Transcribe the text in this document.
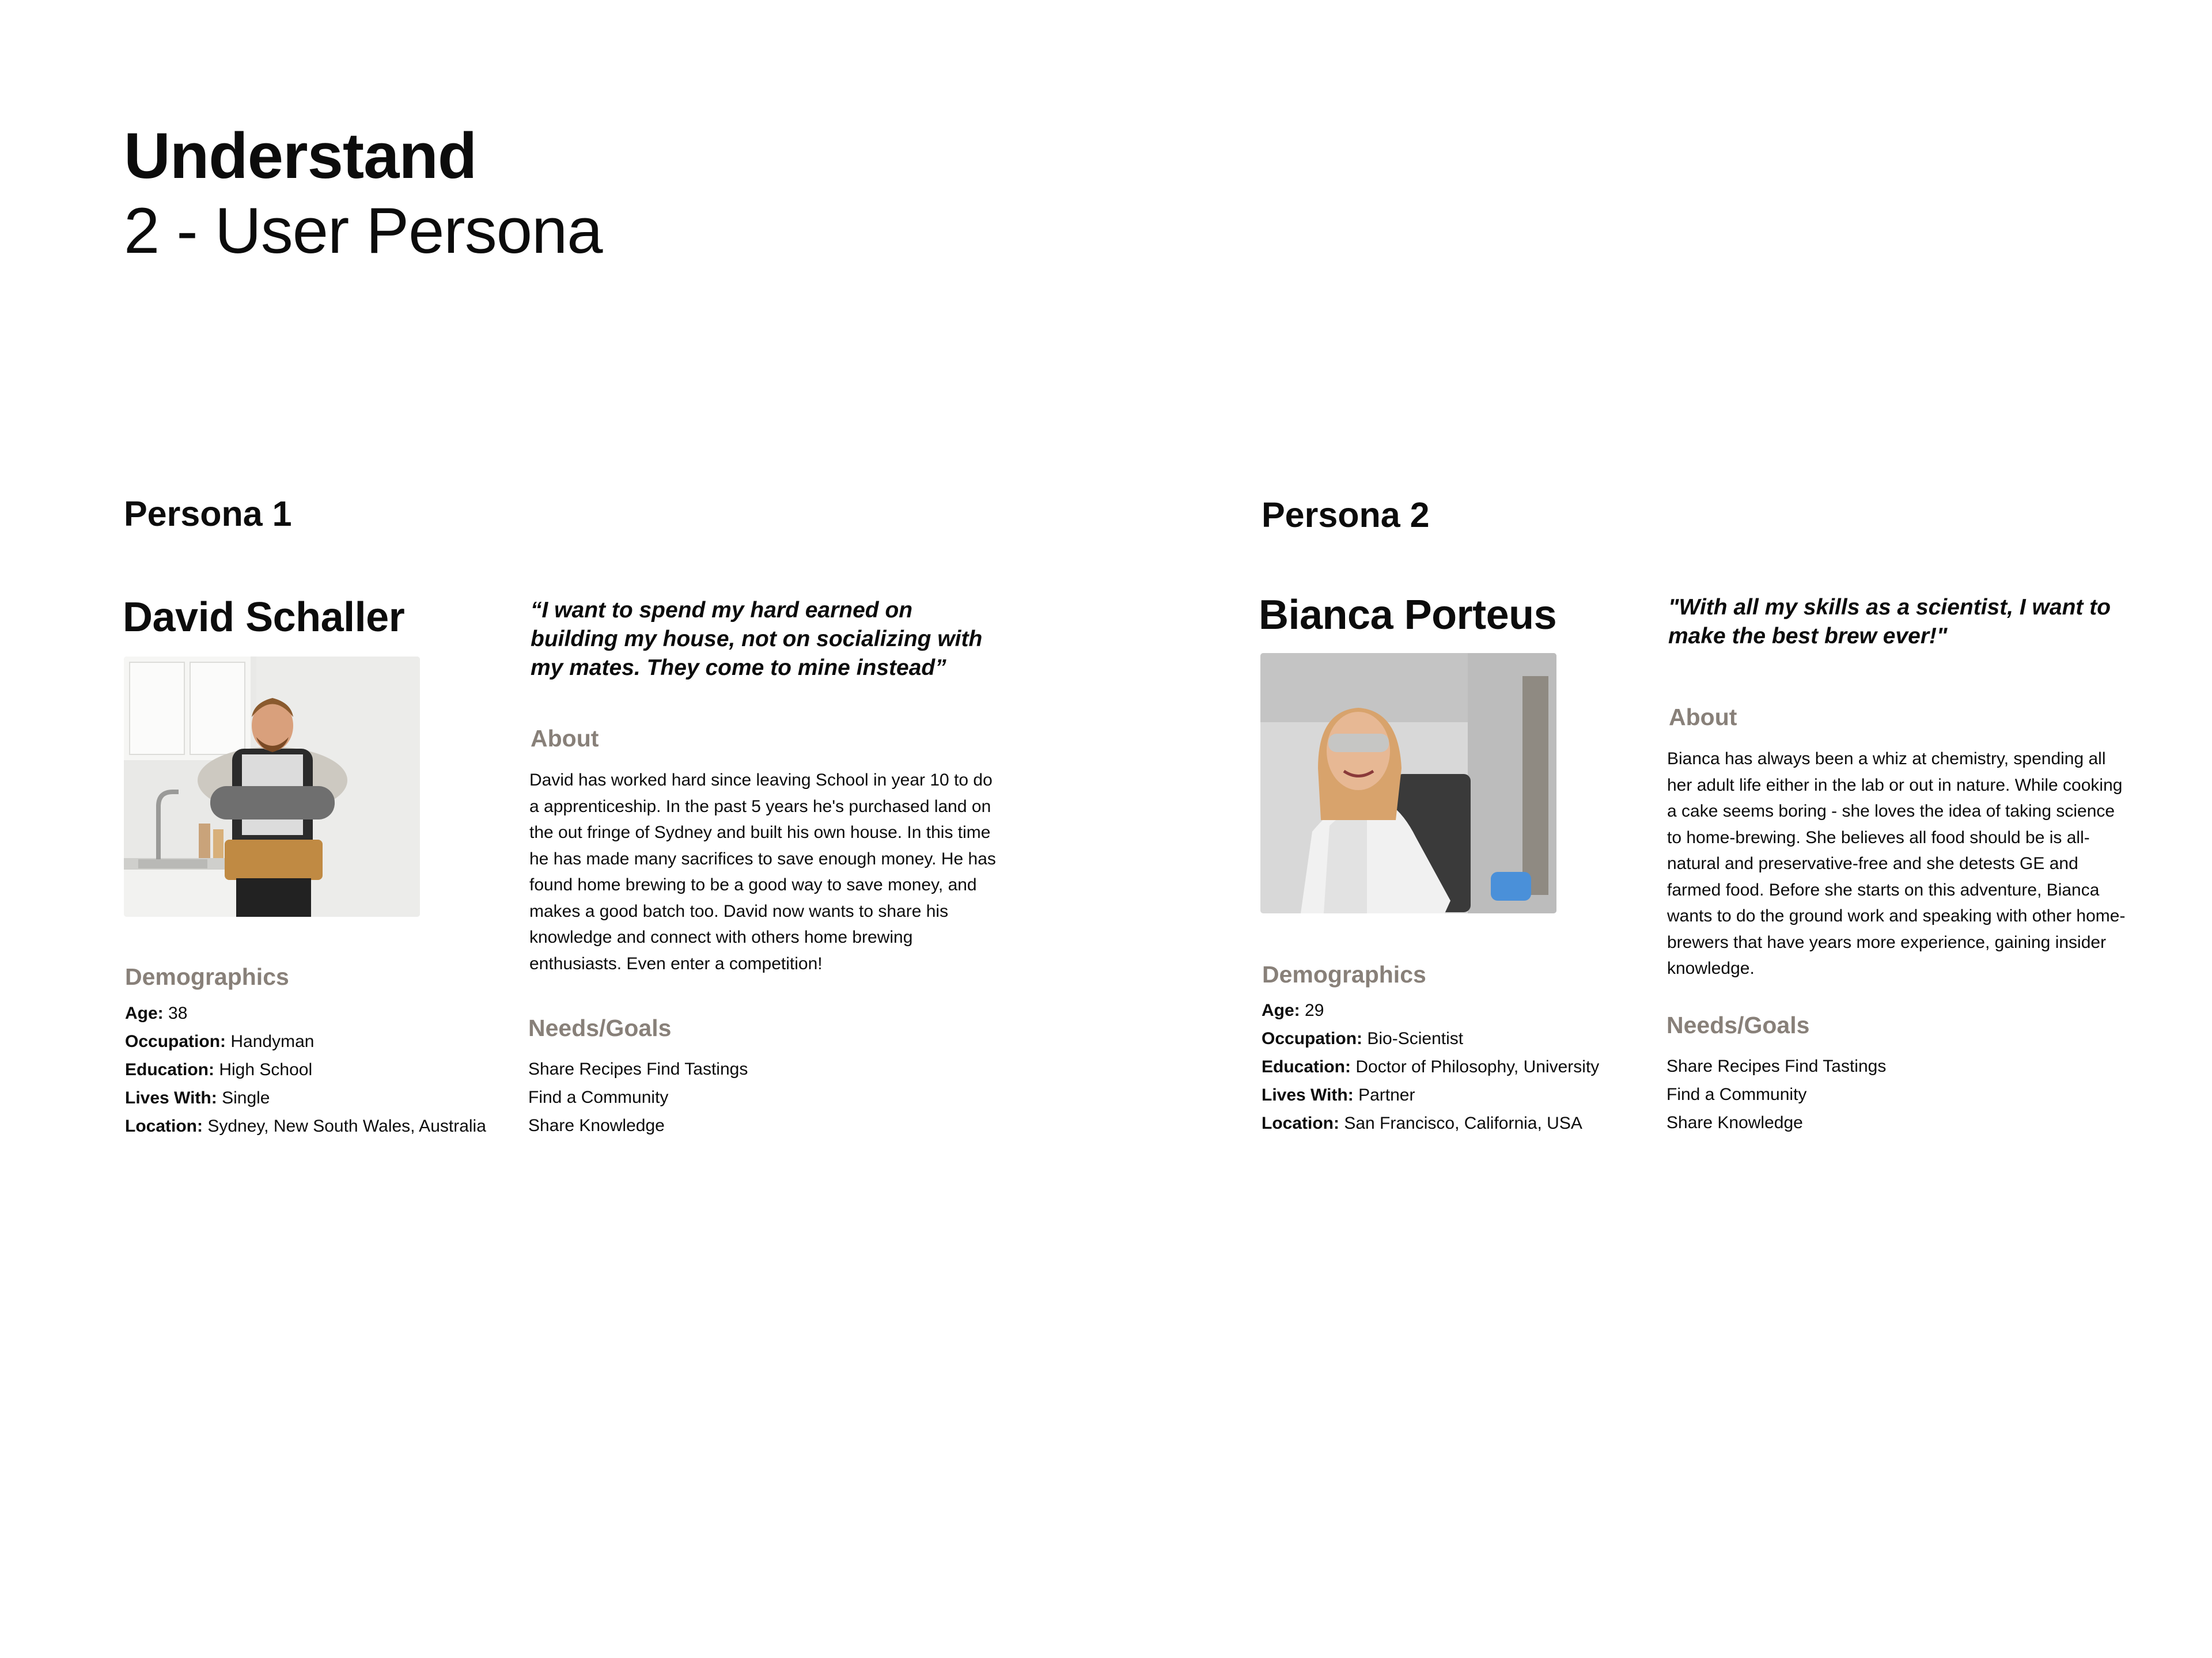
Understand
2 - User Persona
Persona 1
David Schaller
Demographics
Age: 38
Occupation: Handyman
Education: High School
Lives With: Single
Location: Sydney, New South Wales, Australia
“I want to spend my hard earned on building my house, not on socializing with my mates. They come to mine instead”
About
David has worked hard since leaving School in year 10 to do a apprenticeship. In the past 5 years he's purchased land on the out fringe of Sydney and built his own house. In this time he has made many sacrifices to save enough money. He has found home brewing to be a good way to save money, and makes a good batch too. David now wants to share his knowledge and connect with others home brewing enthusiasts. Even enter a competition!
Needs/Goals
Share Recipes Find Tastings
Find a Community
Share Knowledge
Persona 2
Bianca Porteus
Demographics
Age: 29
Occupation: Bio-Scientist
Education: Doctor of Philosophy, University
Lives With: Partner
Location: San Francisco, California, USA
"With all my skills as a scientist, I want to make the best brew ever!"
About
Bianca has always been a whiz at chemistry, spending all her adult life either in the lab or out in nature. While cooking a cake seems boring - she loves the idea of taking science to home-brewing. She believes all food should be is all-natural and preservative-free and she detests GE and farmed food. Before she starts on this adventure, Bianca wants to do the ground work and speaking with other home-brewers that have years more experience, gaining insider knowledge.
Needs/Goals
Share Recipes Find Tastings
Find a Community
Share Knowledge
